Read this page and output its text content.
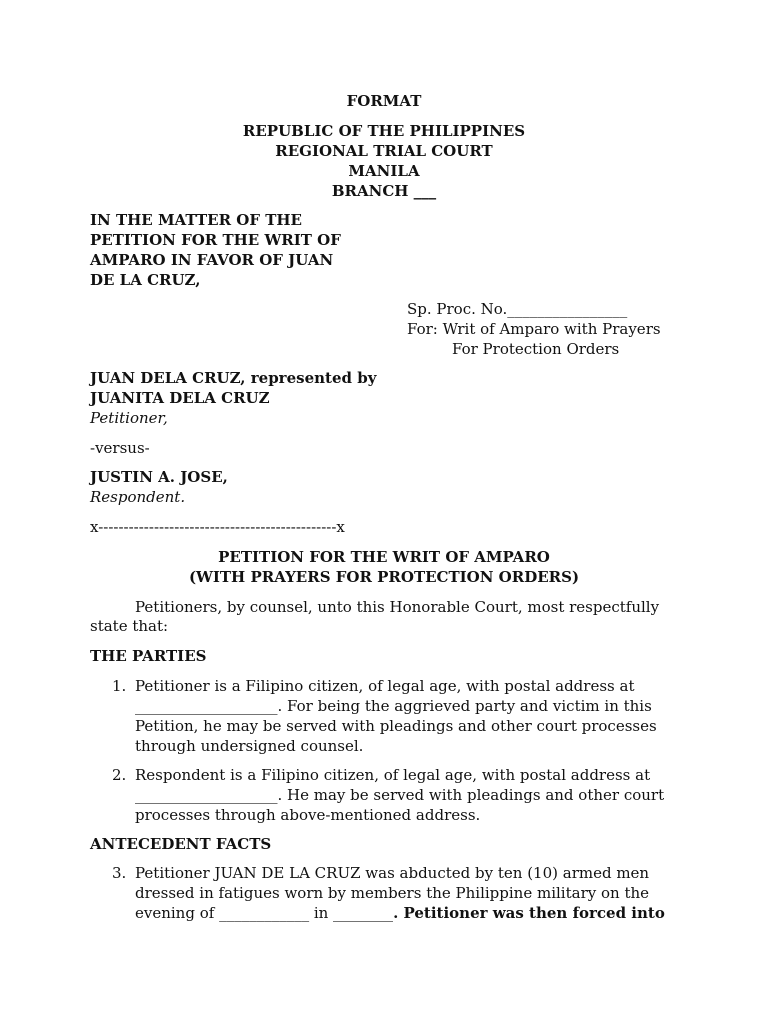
FORMAT
REPUBLIC OF THE PHILIPPINES
REGIONAL TRIAL COURT
MANILA
BRANCH ___
IN THE MATTER OF THE
PETITION FOR THE WRIT OF
AMPARO IN FAVOR OF JUAN
DE LA CRUZ,
Sp. Proc. No.________________
For: Writ of Amparo with Prayers
For Protection Orders
JUAN DELA CRUZ, represented by
JUANITA DELA CRUZ
Petitioner,
-versus-
JUSTIN A. JOSE,
Respondent.
x-----------------------------------------------x
PETITION FOR THE WRIT OF AMPARO
(WITH PRAYERS FOR PROTECTION ORDERS)
Petitioners, by counsel, unto this Honorable Court, most respectfully
state that:
THE PARTIES
1. Petitioner is a Filipino citizen, of legal age, with postal address at
___________________. For being the aggrieved party and victim in this
Petition, he may be served with pleadings and other court processes
through undersigned counsel.
2. Respondent is a Filipino citizen, of legal age, with postal address at
___________________. He may be served with pleadings and other court
processes through above-mentioned address.
ANTECEDENT FACTS
3. Petitioner JUAN DE LA CRUZ was abducted by ten (10) armed men
dressed in fatigues worn by members the Philippine military on the
evening of ____________ in ________. Petitioner was then forced into
